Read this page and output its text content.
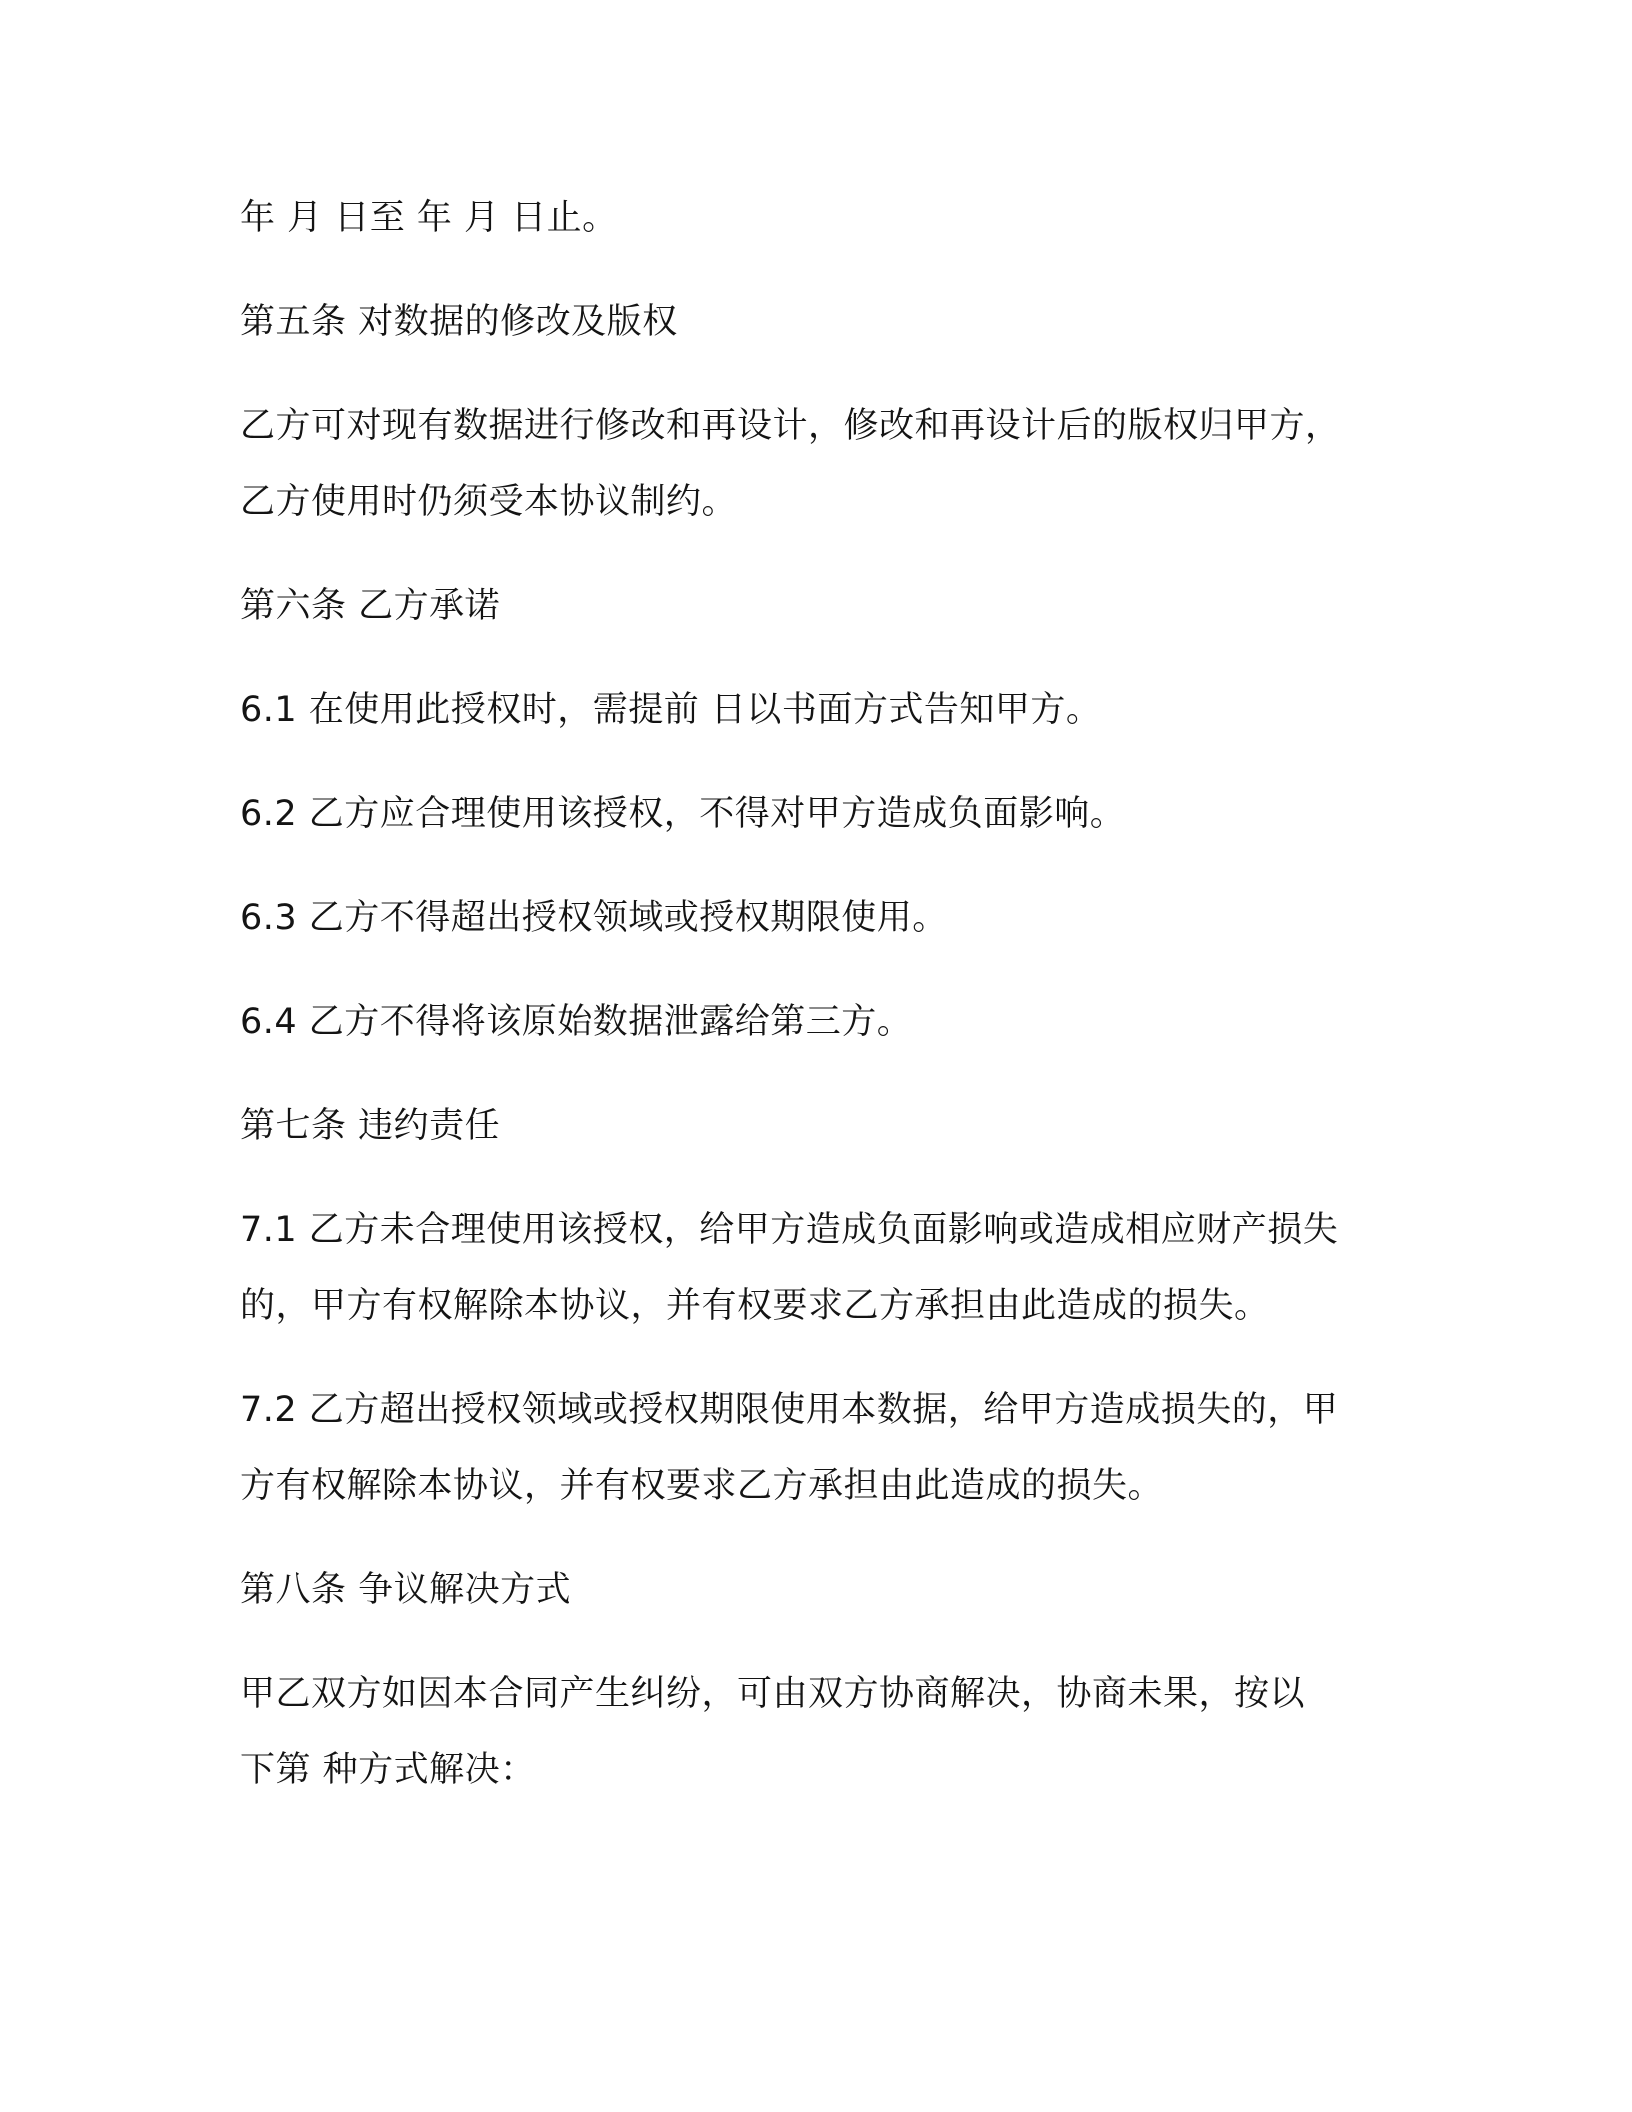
年 月 日至 年 月 日止。
第五条 对数据的修改及版权
乙方可对现有数据进行修改和再设计，修改和再设计后的版权归甲方，
乙方使用时仍须受本协议制约。
第六条 乙方承诺
6.1 在使用此授权时，需提前 日以书面方式告知甲方。
6.2 乙方应合理使用该授权，不得对甲方造成负面影响。
6.3 乙方不得超出授权领域或授权期限使用。
6.4 乙方不得将该原始数据泄露给第三方。
第七条 违约责任
7.1 乙方未合理使用该授权，给甲方造成负面影响或造成相应财产损失
的，甲方有权解除本协议，并有权要求乙方承担由此造成的损失。
7.2 乙方超出授权领域或授权期限使用本数据，给甲方造成损失的，甲
方有权解除本协议，并有权要求乙方承担由此造成的损失。
第八条 争议解决方式
甲乙双方如因本合同产生纠纷，可由双方协商解决，协商未果，按以
下第 种方式解决：
